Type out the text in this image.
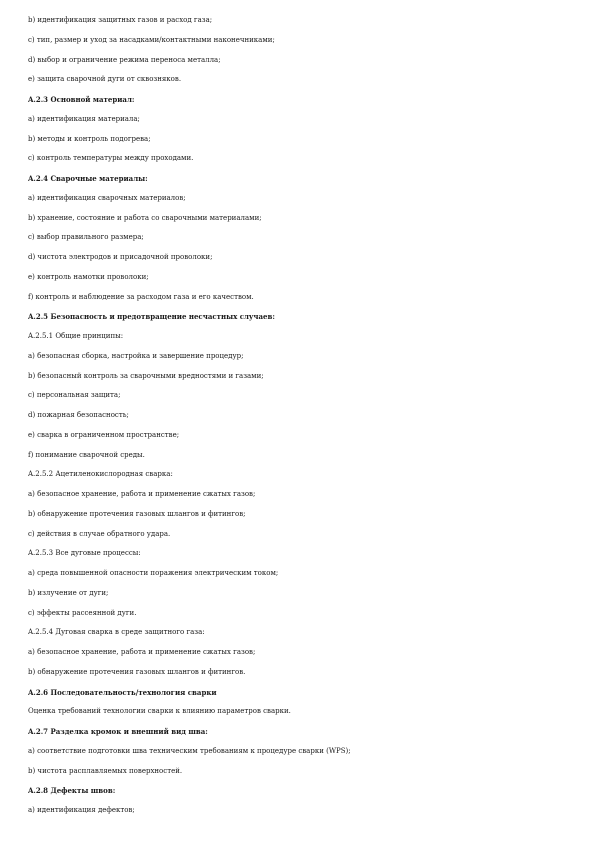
b) идентификация защитных газов и расход газа;
c) тип, размер и уход за насадками/контактными наконечниками;
d) выбор и ограничение режима переноса металла;
e) защита сварочной дуги от сквозняков.
A.2.3 Основной материал:
a) идентификация материала;
b) методы и контроль подогрева;
c) контроль температуры между проходами.
A.2.4 Сварочные материалы:
a) идентификация сварочных материалов;
b) хранение, состояние и работа со сварочными материалами;
c) выбор правильного размера;
d) чистота электродов и присадочной проволоки;
e) контроль намотки проволоки;
f) контроль и наблюдение за расходом газа и его качеством.
A.2.5 Безопасность и предотвращение несчастных случаев:
A.2.5.1 Общие принципы:
a) безопасная сборка, настройка и завершение процедур;
b) безопасный контроль за сварочными вредностями и газами;
c) персональная защита;
d) пожарная безопасность;
e) сварка в ограниченном пространстве;
f) понимание сварочной среды.
A.2.5.2 Ацетиленокислородная сварка:
a) безопасное хранение, работа и применение сжатых газов;
b) обнаружение протечения газовых шлангов и фитингов;
c) действия в случае обратного удара.
A.2.5.3 Все дуговые процессы:
a) среда повышенной опасности поражения электрическим током;
b) излучение от дуги;
c) эффекты рассеянной дуги.
A.2.5.4 Дуговая сварка в среде защитного газа:
a) безопасное хранение, работа и применение сжатых газов;
b) обнаружение протечения газовых шлангов и фитингов.
A.2.6 Последовательность/технология сварки
Оценка требований технологии сварки к влиянию параметров сварки.
A.2.7 Разделка кромок и внешний вид шва:
a) соответствие подготовки шва техническим требованиям к процедуре сварки (WPS);
b) чистота расплавляемых поверхностей.
A.2.8 Дефекты швов:
a) идентификация дефектов;
